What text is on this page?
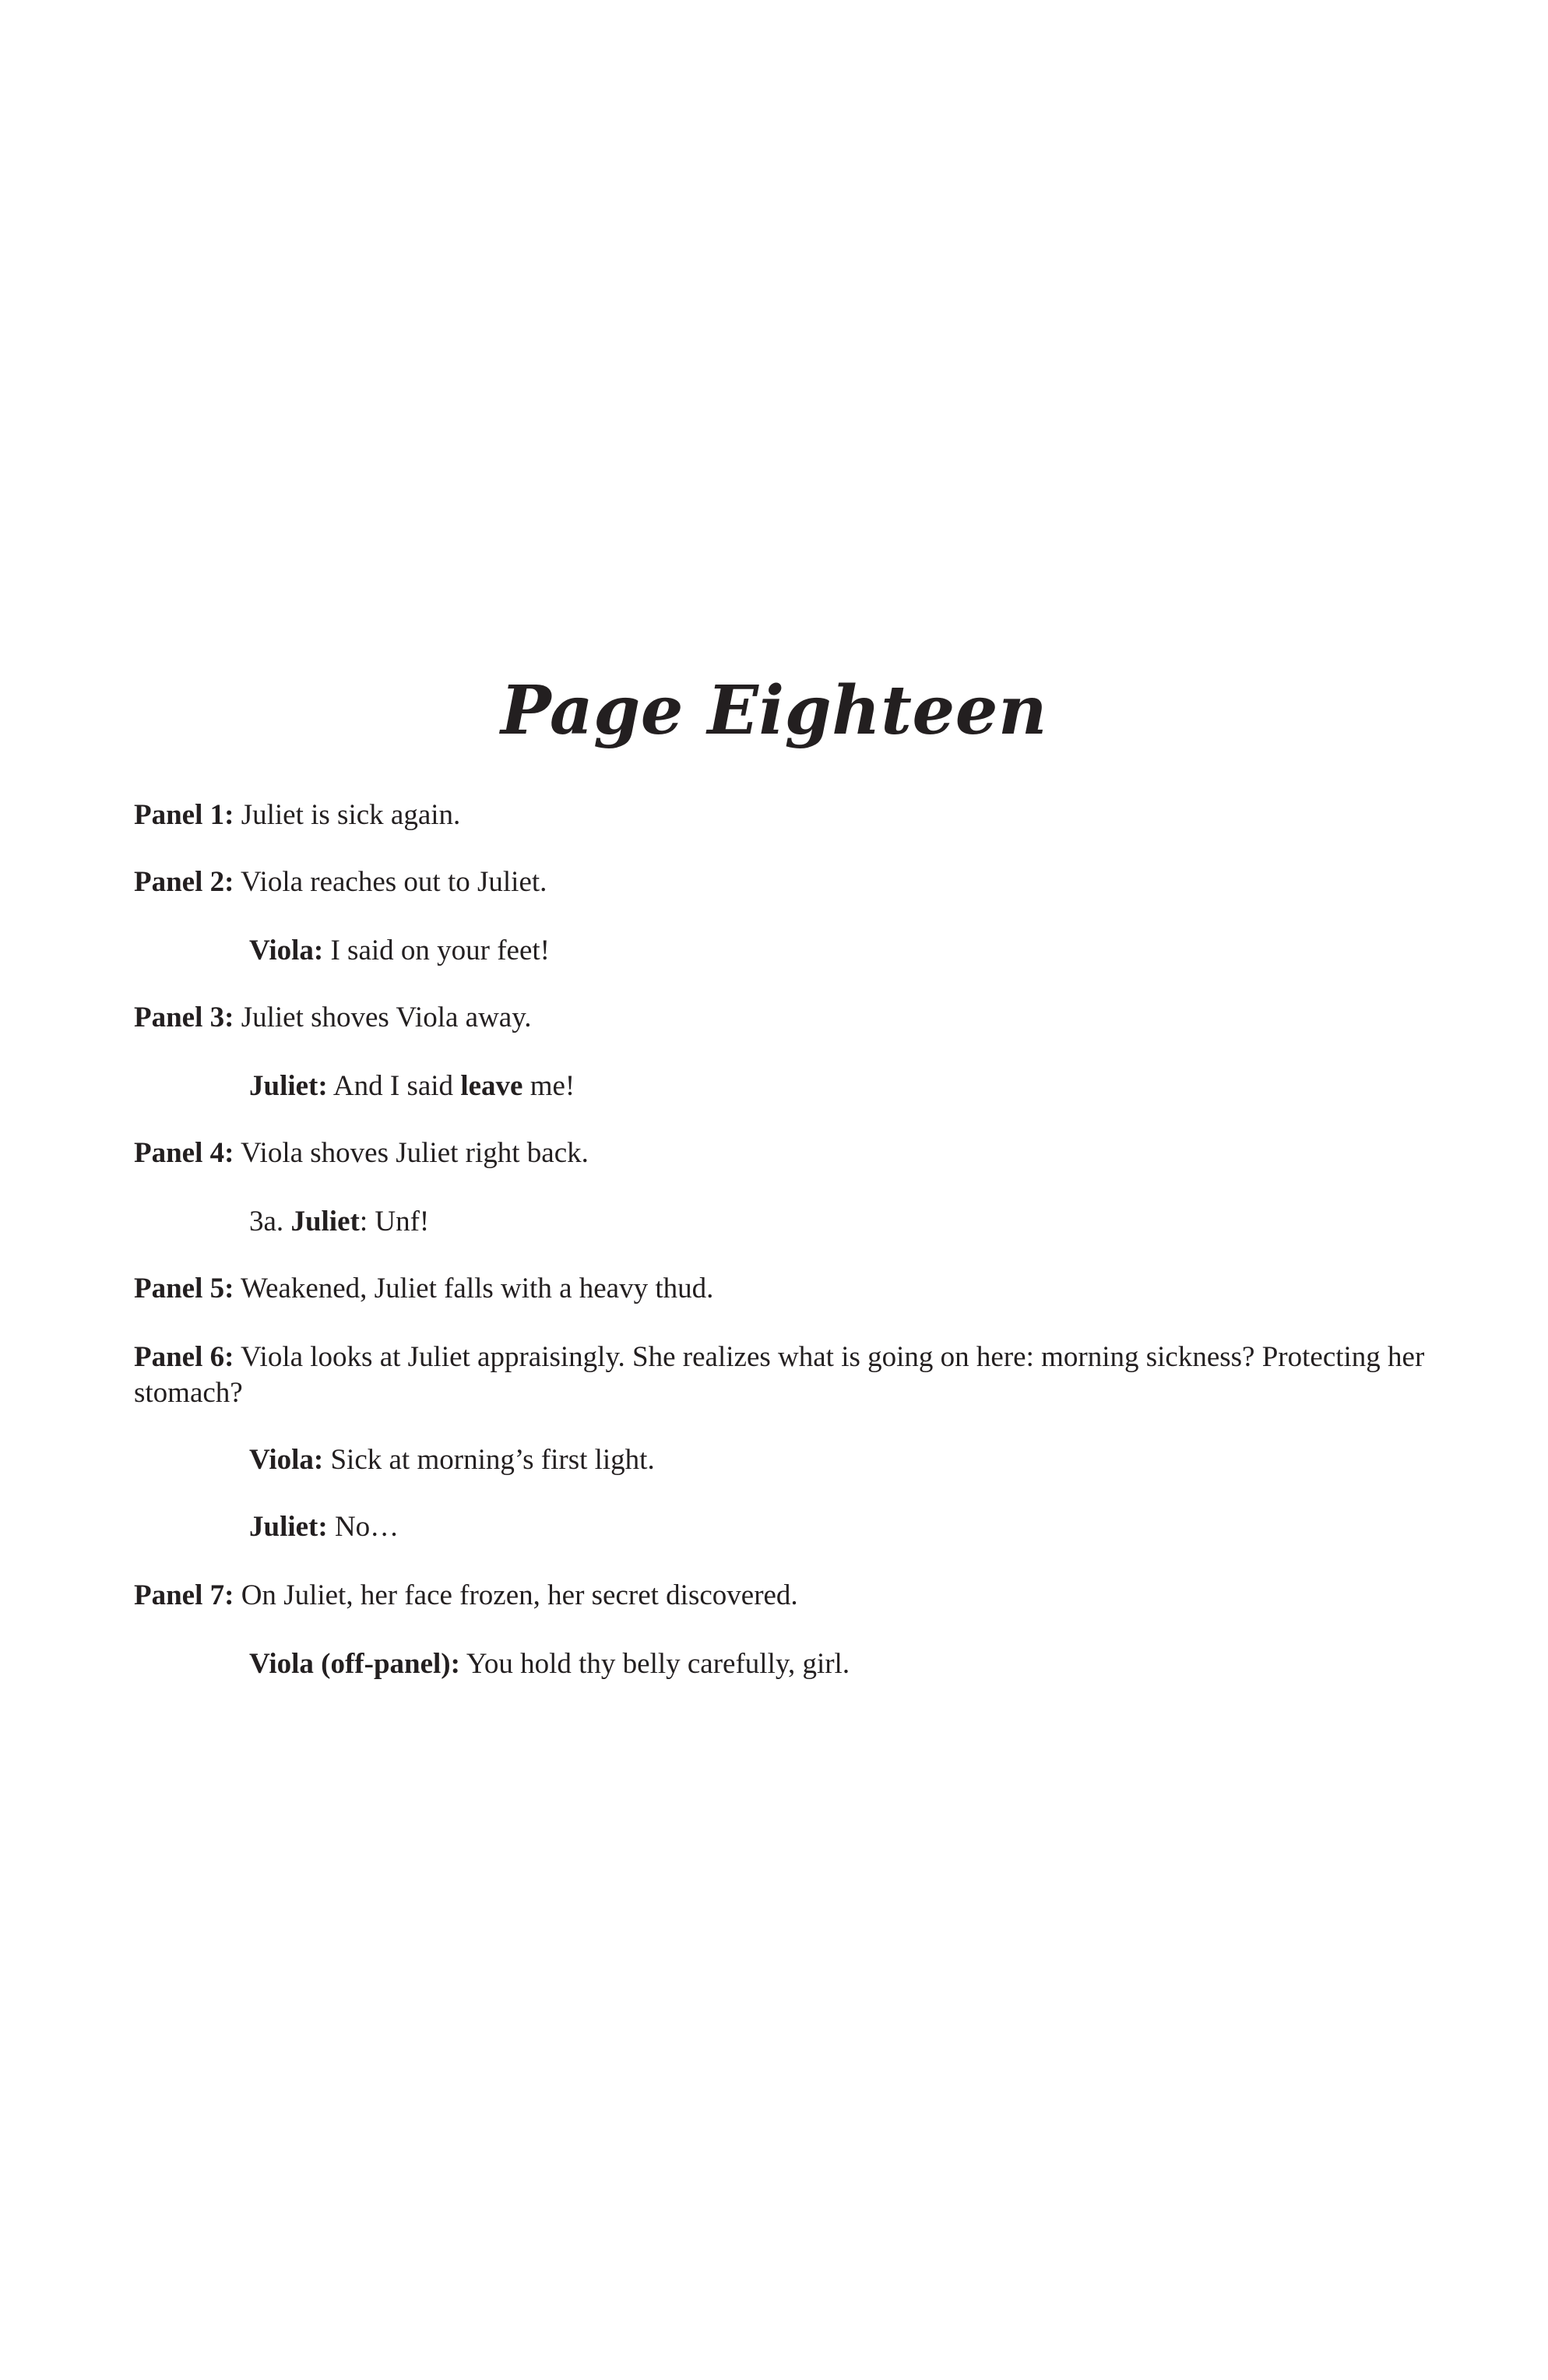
Page Eighteen

Panel 1: Juliet is sick again.

Panel 2: Viola reaches out to Juliet.

Viola: I said on your feet!

Panel 3: Juliet shoves Viola away.

Juliet: And I said leave me!

Panel 4: Viola shoves Juliet right back.

3a. Juliet: Unf!

Panel 5: Weakened, Juliet falls with a heavy thud.

Panel 6: Viola looks at Juliet appraisingly. She realizes what is going on here: morning sickness? Protecting her stomach?

Viola: Sick at morning’s first light.

Juliet: No…

Panel 7: On Juliet, her face frozen, her secret discovered.

Viola (off-panel): You hold thy belly carefully, girl.
